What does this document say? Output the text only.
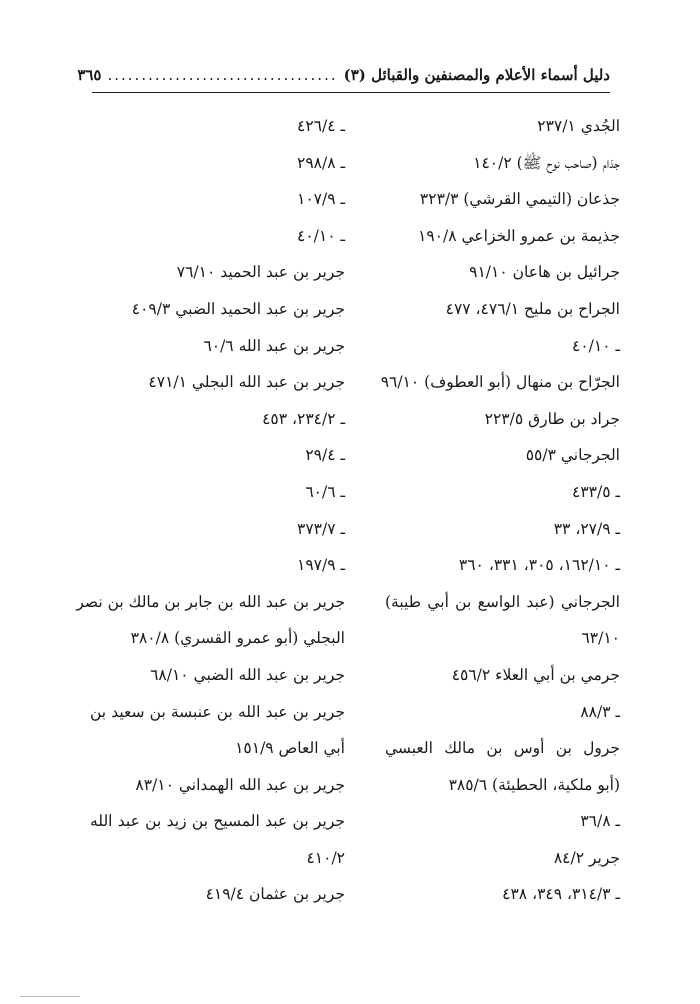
دليل أسماء الأعلام والمصنفين والقبائل (٣)
..................................
٣٦٥
الجُدي ٢٣٧/١
جذام (صاحب نوح ﷺ) ١٤٠/٢
جذعان (التيمي القرشي) ٣٢٣/٣
جذيمة بن عمرو الخزاعي ١٩٠/٨
جرائيل بن هاعان ٩١/١٠
الجراح بن مليح ٤٧٦/١، ٤٧٧
ـ ٤٠/١٠
الجرّاح بن منهال (أبو العطوف) ٩٦/١٠
جراد بن طارق ٢٢٣/٥
الجرجاني ٥٥/٣
ـ ٤٣٣/٥
ـ ٢٧/٩، ٣٣
ـ ١٦٢/١٠، ٣٠٥، ٣٣١، ٣٦٠
الجرجاني (عبد الواسع بن أبي طيبة)
٦٣/١٠
جرمي بن أبي العلاء ٤٥٦/٢
ـ ٨٨/٣
جرول بن أوس بن مالك العبسي
(أبو ملكية، الحطيئة) ٣٨٥/٦
ـ ٣٦/٨
جرير ٨٤/٢
ـ ٣١٤/٣، ٣٤٩، ٤٣٨
ـ ٤٢٦/٤
ـ ٢٩٨/٨
ـ ١٠٧/٩
ـ ٤٠/١٠
جرير بن عبد الحميد ٧٦/١٠
جرير بن عبد الحميد الضبي ٤٠٩/٣
جرير بن عبد الله ٦٠/٦
جرير بن عبد الله البجلي ٤٧١/١
ـ ٢٣٤/٢، ٤٥٣
ـ ٢٩/٤
ـ ٦٠/٦
ـ ٣٧٣/٧
ـ ١٩٧/٩
جرير بن عبد الله بن جابر بن مالك بن نصر
البجلي (أبو عمرو القسري) ٣٨٠/٨
جرير بن عبد الله الضبي ٦٨/١٠
جرير بن عبد الله بن عنبسة بن سعيد بن
أبي العاص ١٥١/٩
جرير بن عبد الله الهمداني ٨٣/١٠
جرير بن عبد المسيح بن زيد بن عبد الله
٤١٠/٢
جرير بن عثمان ٤١٩/٤
